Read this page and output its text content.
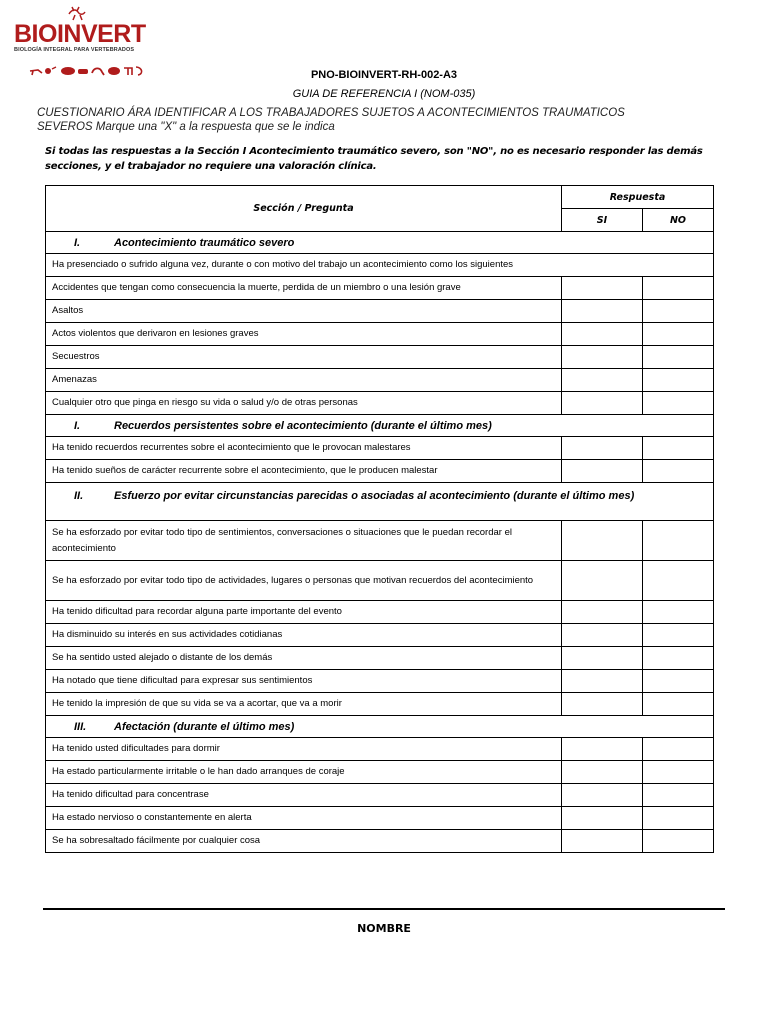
BIOINVERT
BIOLOGÍA INTEGRAL PARA VERTEBRADOS
PNO-BIOINVERT-RH-002-A3
GUIA DE REFERENCIA I (NOM-035)
CUESTIONARIO ÁRA IDENTIFICAR A LOS TRABAJADORES SUJETOS A ACONTECIMIENTOS TRAUMATICOS
SEVEROS Marque una "X" a la respuesta que se le indica
Si todas las respuestas a la Sección I Acontecimiento traumático severo, son "NO", no es necesario responder las demás secciones, y el trabajador no requiere una valoración clínica.
Sección / Pregunta	Respuesta	
	SI	NO
I. Acontecimiento traumático severo		
Ha presenciado o sufrido alguna vez, durante o con motivo del trabajo un acontecimiento como los siguientes		
Accidentes que tengan como consecuencia la muerte, perdida de un miembro o una lesión grave		
Asaltos		
Actos violentos que derivaron en lesiones graves		
Secuestros		
Amenazas		
Cualquier otro que pinga en riesgo su vida o salud y/o de otras personas		
I. Recuerdos persistentes sobre el acontecimiento (durante el último mes)		
Ha tenido recuerdos recurrentes sobre el acontecimiento que le provocan malestares		
Ha tenido sueños de carácter recurrente sobre el acontecimiento, que le producen malestar		
II. Esfuerzo por evitar circunstancias parecidas o asociadas al acontecimiento (durante el último mes)		
Se ha esforzado por evitar todo tipo de sentimientos, conversaciones o situaciones que le puedan recordar el acontecimiento		
Se ha esforzado por evitar todo tipo de actividades, lugares o personas que motivan recuerdos del acontecimiento		
Ha tenido dificultad para recordar alguna parte importante del evento		
Ha disminuido su interés en sus actividades cotidianas		
Se ha sentido usted alejado o distante de los demás		
Ha notado que tiene dificultad para expresar sus sentimientos		
He tenido la impresión de que su vida se va a acortar, que va a morir		
III. Afectación (durante el último mes)		
Ha tenido usted dificultades para dormir		
Ha estado particularmente irritable o le han dado arranques de coraje		
Ha tenido dificultad para concentrase		
Ha estado nervioso o constantemente en alerta		
Se ha sobresaltado fácilmente por cualquier cosa		
NOMBRE
